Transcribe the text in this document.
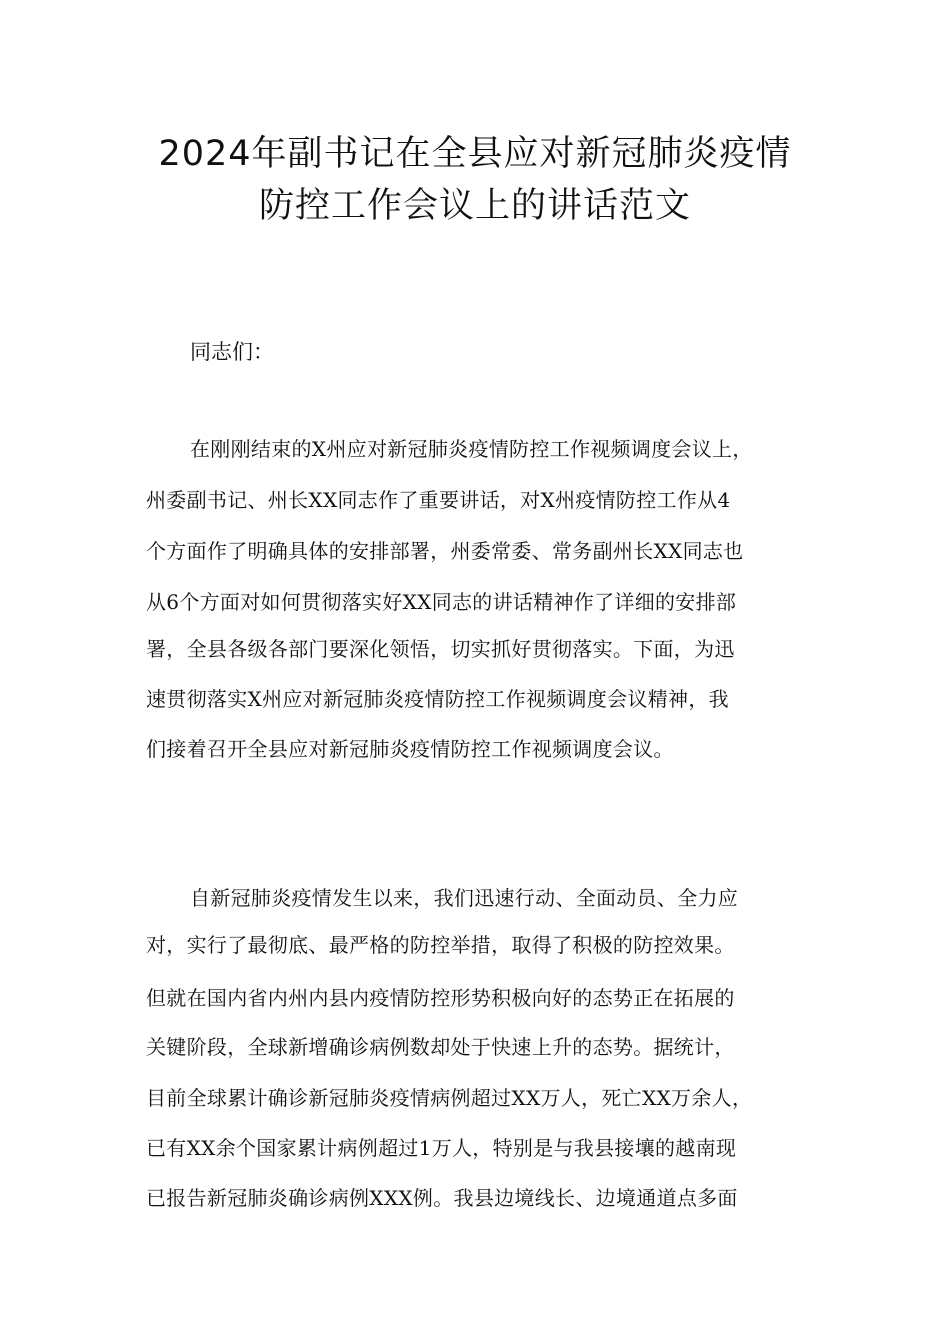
2024年副书记在全县应对新冠肺炎疫情
防控工作会议上的讲话范文
同志们：
在刚刚结束的X州应对新冠肺炎疫情防控工作视频调度会议上，
州委副书记、州长XX同志作了重要讲话，对X州疫情防控工作从4
个方面作了明确具体的安排部署，州委常委、常务副州长XX同志也
从6个方面对如何贯彻落实好XX同志的讲话精神作了详细的安排部
署，全县各级各部门要深化领悟，切实抓好贯彻落实。下面，为迅
速贯彻落实X州应对新冠肺炎疫情防控工作视频调度会议精神，我
们接着召开全县应对新冠肺炎疫情防控工作视频调度会议。
自新冠肺炎疫情发生以来，我们迅速行动、全面动员、全力应
对，实行了最彻底、最严格的防控举措，取得了积极的防控效果。
但就在国内省内州内县内疫情防控形势积极向好的态势正在拓展的
关键阶段，全球新增确诊病例数却处于快速上升的态势。据统计，
目前全球累计确诊新冠肺炎疫情病例超过XX万人，死亡XX万余人，
已有XX余个国家累计病例超过1万人，特别是与我县接壤的越南现
已报告新冠肺炎确诊病例XXX例。我县边境线长、边境通道点多面
